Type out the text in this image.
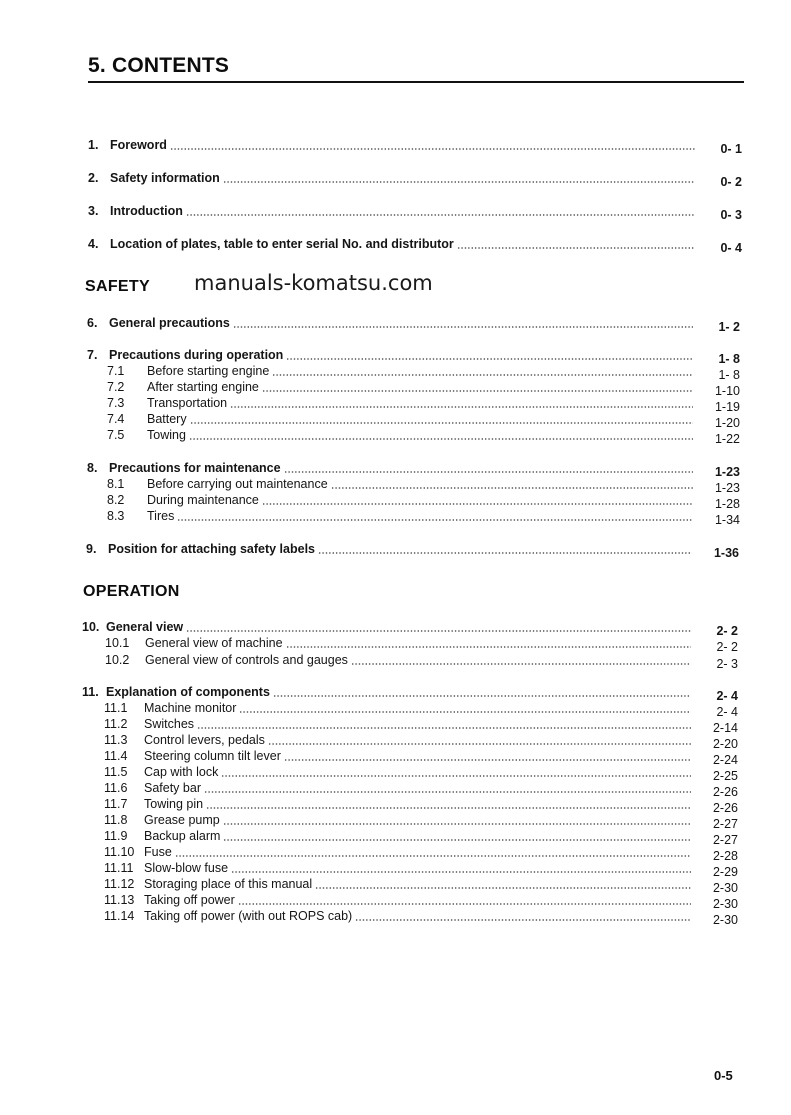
5. CONTENTS
1. Foreword	0- 1
2. Safety information	0- 2
3. Introduction	0- 3
4. Location of plates, table to enter serial No. and distributor	0- 4
SAFETY manuals-komatsu.com
6. General precautions	1- 2
7. Precautions during operation	1- 8
7.1	Before starting engine	1- 8
7.2	After starting engine	1-10
7.3	Transportation	1-19
7.4	Battery	1-20
7.5	Towing	1-22
8. Precautions for maintenance	1-23
8.1	Before carrying out maintenance	1-23
8.2	During maintenance	1-28
8.3	Tires	1-34
9. Position for attaching safety labels	1-36
OPERATION
10. General view	2- 2
10.1	General view of machine	2- 2
10.2	General view of controls and gauges	2- 3
11. Explanation of components	2- 4
11.1	Machine monitor	2- 4
11.2	Switches	2-14
11.3	Control levers, pedals	2-20
11.4	Steering column tilt lever	2-24
11.5	Cap with lock	2-25
11.6	Safety bar	2-26
11.7	Towing pin	2-26
11.8	Grease pump	2-27
11.9	Backup alarm	2-27
11.10 Fuse	2-28
11.11 Slow-blow fuse	2-29
11.12 Storaging place of this manual	2-30
11.13 Taking off power	2-30
11.14 Taking off power (with out ROPS cab)	2-30
0-5
